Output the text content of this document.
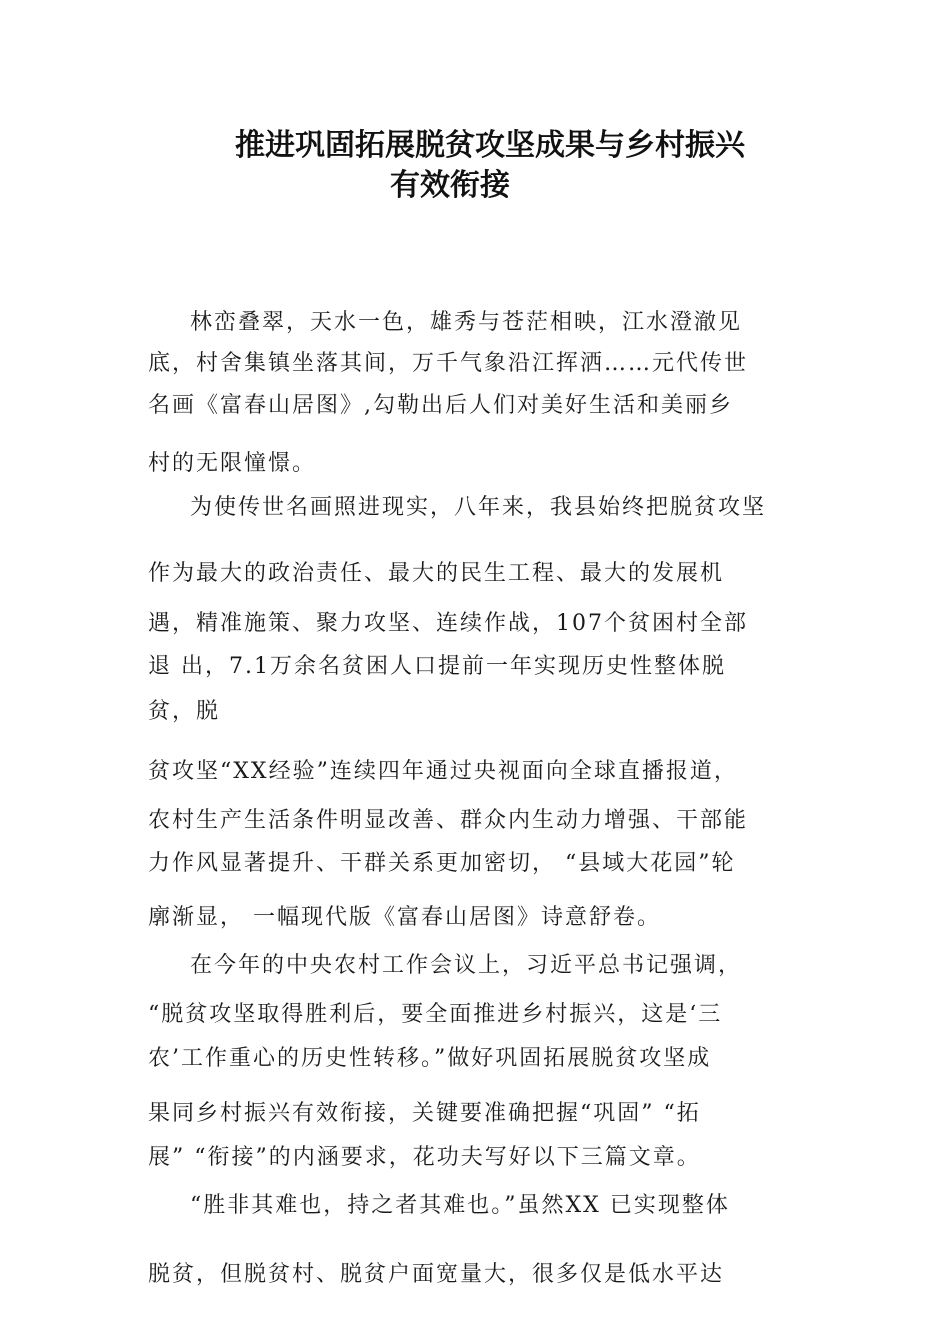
推进巩固拓展脱贫攻坚成果与乡村振兴
有效衔接
林峦叠翠，天水一色，雄秀与苍茫相映，江水澄澈见
底，村舍集镇坐落其间，万千气象沿江挥洒……元代传世
名画《富春山居图》,勾勒出后人们对美好生活和美丽乡
村的无限憧憬。
为使传世名画照进现实，八年来，我县始终把脱贫攻坚
作为最大的政治责任、最大的民生工程、最大的发展机
遇，精准施策、聚力攻坚、连续作战，107个贫困村全部
退 出，7.1万余名贫困人口提前一年实现历史性整体脱
贫，脱
贫攻坚“XX经验”连续四年通过央视面向全球直播报道，
农村生产生活条件明显改善、群众内生动力增强、干部能
力作风显著提升、干群关系更加密切， “县域大花园”轮
廓渐显， 一幅现代版《富春山居图》诗意舒卷。
在今年的中央农村工作会议上，习近平总书记强调，
“脱贫攻坚取得胜利后，要全面推进乡村振兴，这是‘三
农’工作重心的历史性转移。”做好巩固拓展脱贫攻坚成
果同乡村振兴有效衔接，关键要准确把握“巩固” “拓
展” “衔接”的内涵要求，花功夫写好以下三篇文章。
“胜非其难也，持之者其难也。”虽然XX 已实现整体
脱贫，但脱贫村、脱贫户面宽量大，很多仅是低水平达
